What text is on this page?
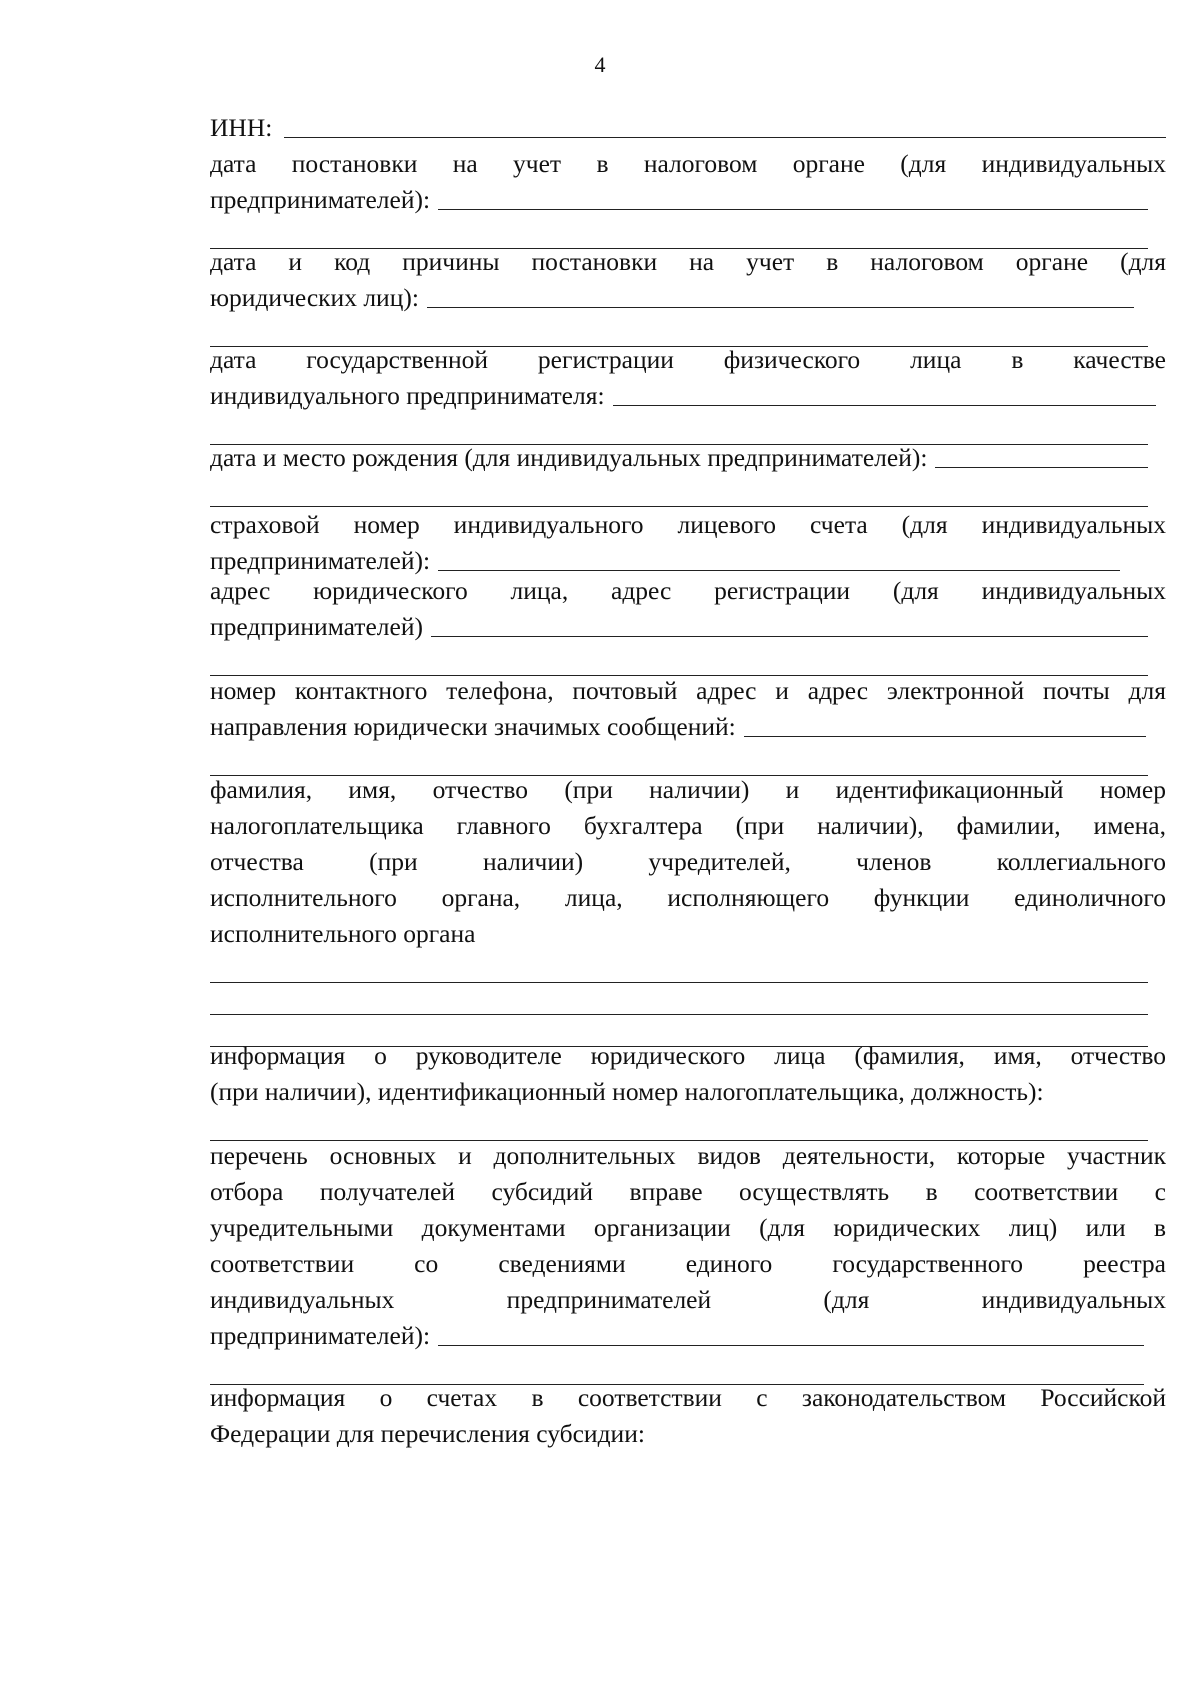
4
ИНН:
дата постановки на учет в налоговом органе (для индивидуальных
предпринимателей):
дата и код причины постановки на учет в налоговом органе (для
юридических лиц):
дата государственной регистрации физического лица в качестве
индивидуального предпринимателя:
дата и место рождения (для индивидуальных предпринимателей):
страховой номер индивидуального лицевого счета (для индивидуальных
предпринимателей):
адрес юридического лица, адрес регистрации (для индивидуальных
предпринимателей)
номер контактного телефона, почтовый адрес и адрес электронной почты для
направления юридически значимых сообщений:
фамилия, имя, отчество (при наличии) и идентификационный номер
налогоплательщика главного бухгалтера (при наличии), фамилии, имена,
отчества (при наличии) учредителей, членов коллегиального
исполнительного органа, лица, исполняющего функции единоличного
исполнительного органа
информация о руководителе юридического лица (фамилия, имя, отчество
(при наличии), идентификационный номер налогоплательщика, должность):
перечень основных и дополнительных видов деятельности, которые участник
отбора получателей субсидий вправе осуществлять в соответствии с
учредительными документами организации (для юридических лиц) или в
соответствии со сведениями единого государственного реестра
индивидуальных предпринимателей (для индивидуальных
предпринимателей):
информация о счетах в соответствии с законодательством Российской
Федерации для перечисления субсидии:
